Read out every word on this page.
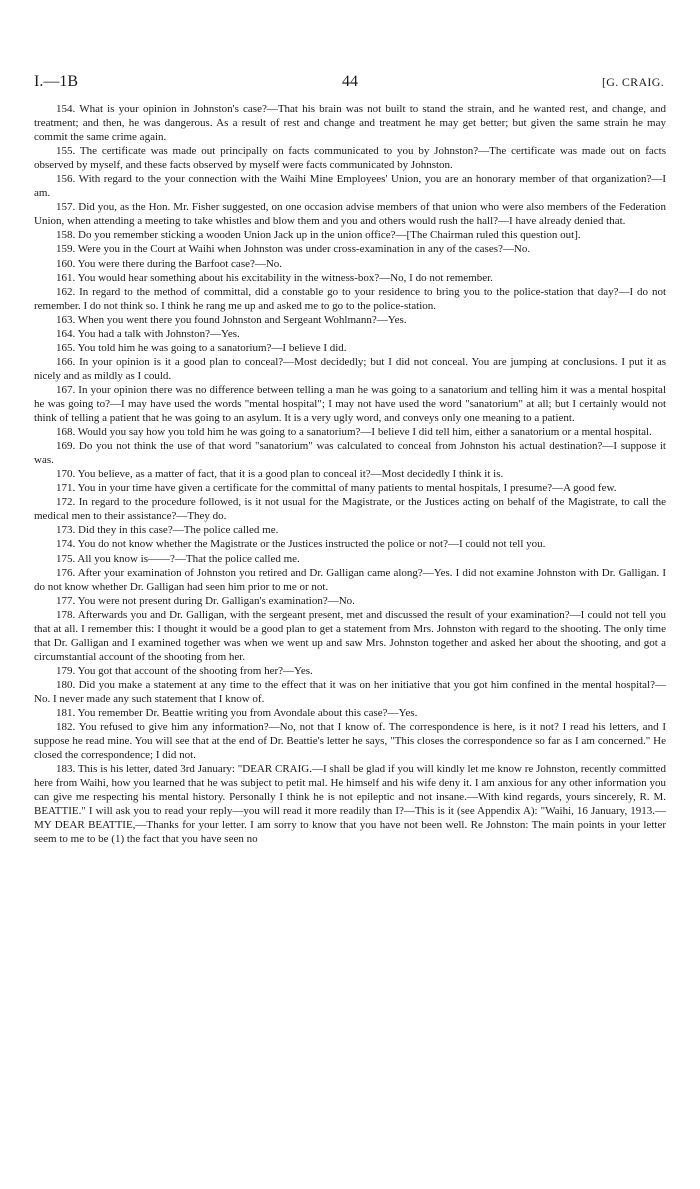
I.—1B	44	[G. CRAIG.

154. What is your opinion in Johnston's case?—That his brain was not built to stand the strain, and he wanted rest, and change, and treatment; and then, he was dangerous. As a result of rest and change and treatment he may get better; but given the same strain he may commit the same crime again.

155. The certificate was made out principally on facts communicated to you by Johnston?—The certificate was made out on facts observed by myself, and these facts observed by myself were facts communicated by Johnston.

156. With regard to the your connection with the Waihi Mine Employees' Union, you are an honorary member of that organization?—I am.

157. Did you, as the Hon. Mr. Fisher suggested, on one occasion advise members of that union who were also members of the Federation Union, when attending a meeting to take whistles and blow them and you and others would rush the hall?—I have already denied that.

158. Do you remember sticking a wooden Union Jack up in the union office?—[The Chairman ruled this question out].

159. Were you in the Court at Waihi when Johnston was under cross-examination in any of the cases?—No.

160. You were there during the Barfoot case?—No.

161. You would hear something about his excitability in the witness-box?—No, I do not remember.

162. In regard to the method of committal, did a constable go to your residence to bring you to the police-station that day?—I do not remember. I do not think so. I think he rang me up and asked me to go to the police-station.

163. When you went there you found Johnston and Sergeant Wohlmann?—Yes.

164. You had a talk with Johnston?—Yes.

165. You told him he was going to a sanatorium?—I believe I did.

166. In your opinion is it a good plan to conceal?—Most decidedly; but I did not conceal. You are jumping at conclusions. I put it as nicely and as mildly as I could.

167. In your opinion there was no difference between telling a man he was going to a sanatorium and telling him it was a mental hospital he was going to?—I may have used the words "mental hospital"; I may not have used the word "sanatorium" at all; but I certainly would not think of telling a patient that he was going to an asylum. It is a very ugly word, and conveys only one meaning to a patient.

168. Would you say how you told him he was going to a sanatorium?—I believe I did tell him, either a sanatorium or a mental hospital.

169. Do you not think the use of that word "sanatorium" was calculated to conceal from Johnston his actual destination?—I suppose it was.

170. You believe, as a matter of fact, that it is a good plan to conceal it?—Most decidedly I think it is.

171. You in your time have given a certificate for the committal of many patients to mental hospitals, I presume?—A good few.

172. In regard to the procedure followed, is it not usual for the Magistrate, or the Justices acting on behalf of the Magistrate, to call the medical men to their assistance?—They do.

173. Did they in this case?—The police called me.

174. You do not know whether the Magistrate or the Justices instructed the police or not?—I could not tell you.

175. All you know is——?—That the police called me.

176. After your examination of Johnston you retired and Dr. Galligan came along?—Yes. I did not examine Johnston with Dr. Galligan. I do not know whether Dr. Galligan had seen him prior to me or not.

177. You were not present during Dr. Galligan's examination?—No.

178. Afterwards you and Dr. Galligan, with the sergeant present, met and discussed the result of your examination?—I could not tell you that at all. I remember this: I thought it would be a good plan to get a statement from Mrs. Johnston with regard to the shooting. The only time that Dr. Galligan and I examined together was when we went up and saw Mrs. Johnston together and asked her about the shooting, and got a circumstantial account of the shooting from her.

179. You got that account of the shooting from her?—Yes.

180. Did you make a statement at any time to the effect that it was on her initiative that you got him confined in the mental hospital?—No. I never made any such statement that I know of.

181. You remember Dr. Beattie writing you from Avondale about this case?—Yes.

182. You refused to give him any information?—No, not that I know of. The correspondence is here, is it not? I read his letters, and I suppose he read mine. You will see that at the end of Dr. Beattie's letter he says, "This closes the correspondence so far as I am concerned." He closed the correspondence; I did not.

183. This is his letter, dated 3rd January: "DEAR CRAIG.—I shall be glad if you will kindly let me know re Johnston, recently committed here from Waihi, how you learned that he was subject to petit mal. He himself and his wife deny it. I am anxious for any other information you can give me respecting his mental history. Personally I think he is not epileptic and not insane.—With kind regards, yours sincerely, R. M. BEATTIE." I will ask you to read your reply—you will read it more readily than I?—This is it (see Appendix A): "Waihi, 16 January, 1913.—MY DEAR BEATTIE,—Thanks for your letter. I am sorry to know that you have not been well. Re Johnston: The main points in your letter seem to me to be (1) the fact that you have seen no
